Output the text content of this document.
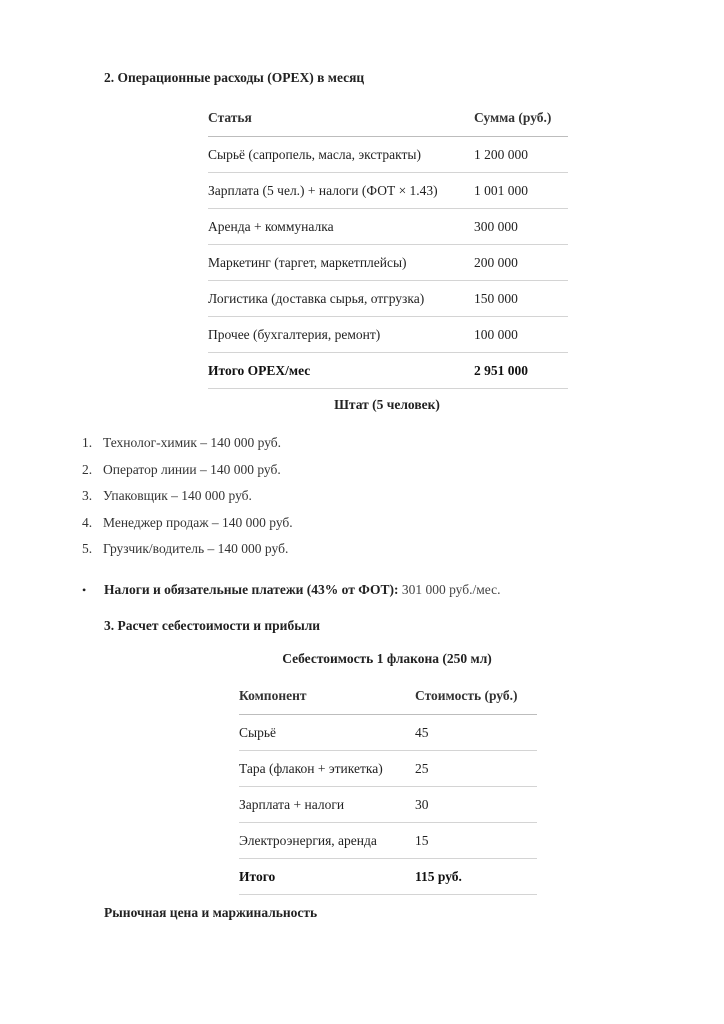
2. Операционные расходы (OPEX) в месяц
Статья	Сумма (руб.)
Сырьё (сапропель, масла, экстракты)	1 200 000
Зарплата (5 чел.) + налоги (ФОТ × 1.43)	1 001 000
Аренда + коммуналка	300 000
Маркетинг (таргет, маркетплейсы)	200 000
Логистика (доставка сырья, отгрузка)	150 000
Прочее (бухгалтерия, ремонт)	100 000
Итого OPEX/мес	2 951 000
Штат (5 человек)
1. Технолог-химик – 140 000 руб.
2. Оператор линии – 140 000 руб.
3. Упаковщик – 140 000 руб.
4. Менеджер продаж – 140 000 руб.
5. Грузчик/водитель – 140 000 руб.
• Налоги и обязательные платежи (43% от ФОТ): 301 000 руб./мес.
3. Расчет себестоимости и прибыли
Себестоимость 1 флакона (250 мл)
Компонент	Стоимость (руб.)
Сырьё	45
Тара (флакон + этикетка)	25
Зарплата + налоги	30
Электроэнергия, аренда	15
Итого	115 руб.
Рыночная цена и маржинальность
